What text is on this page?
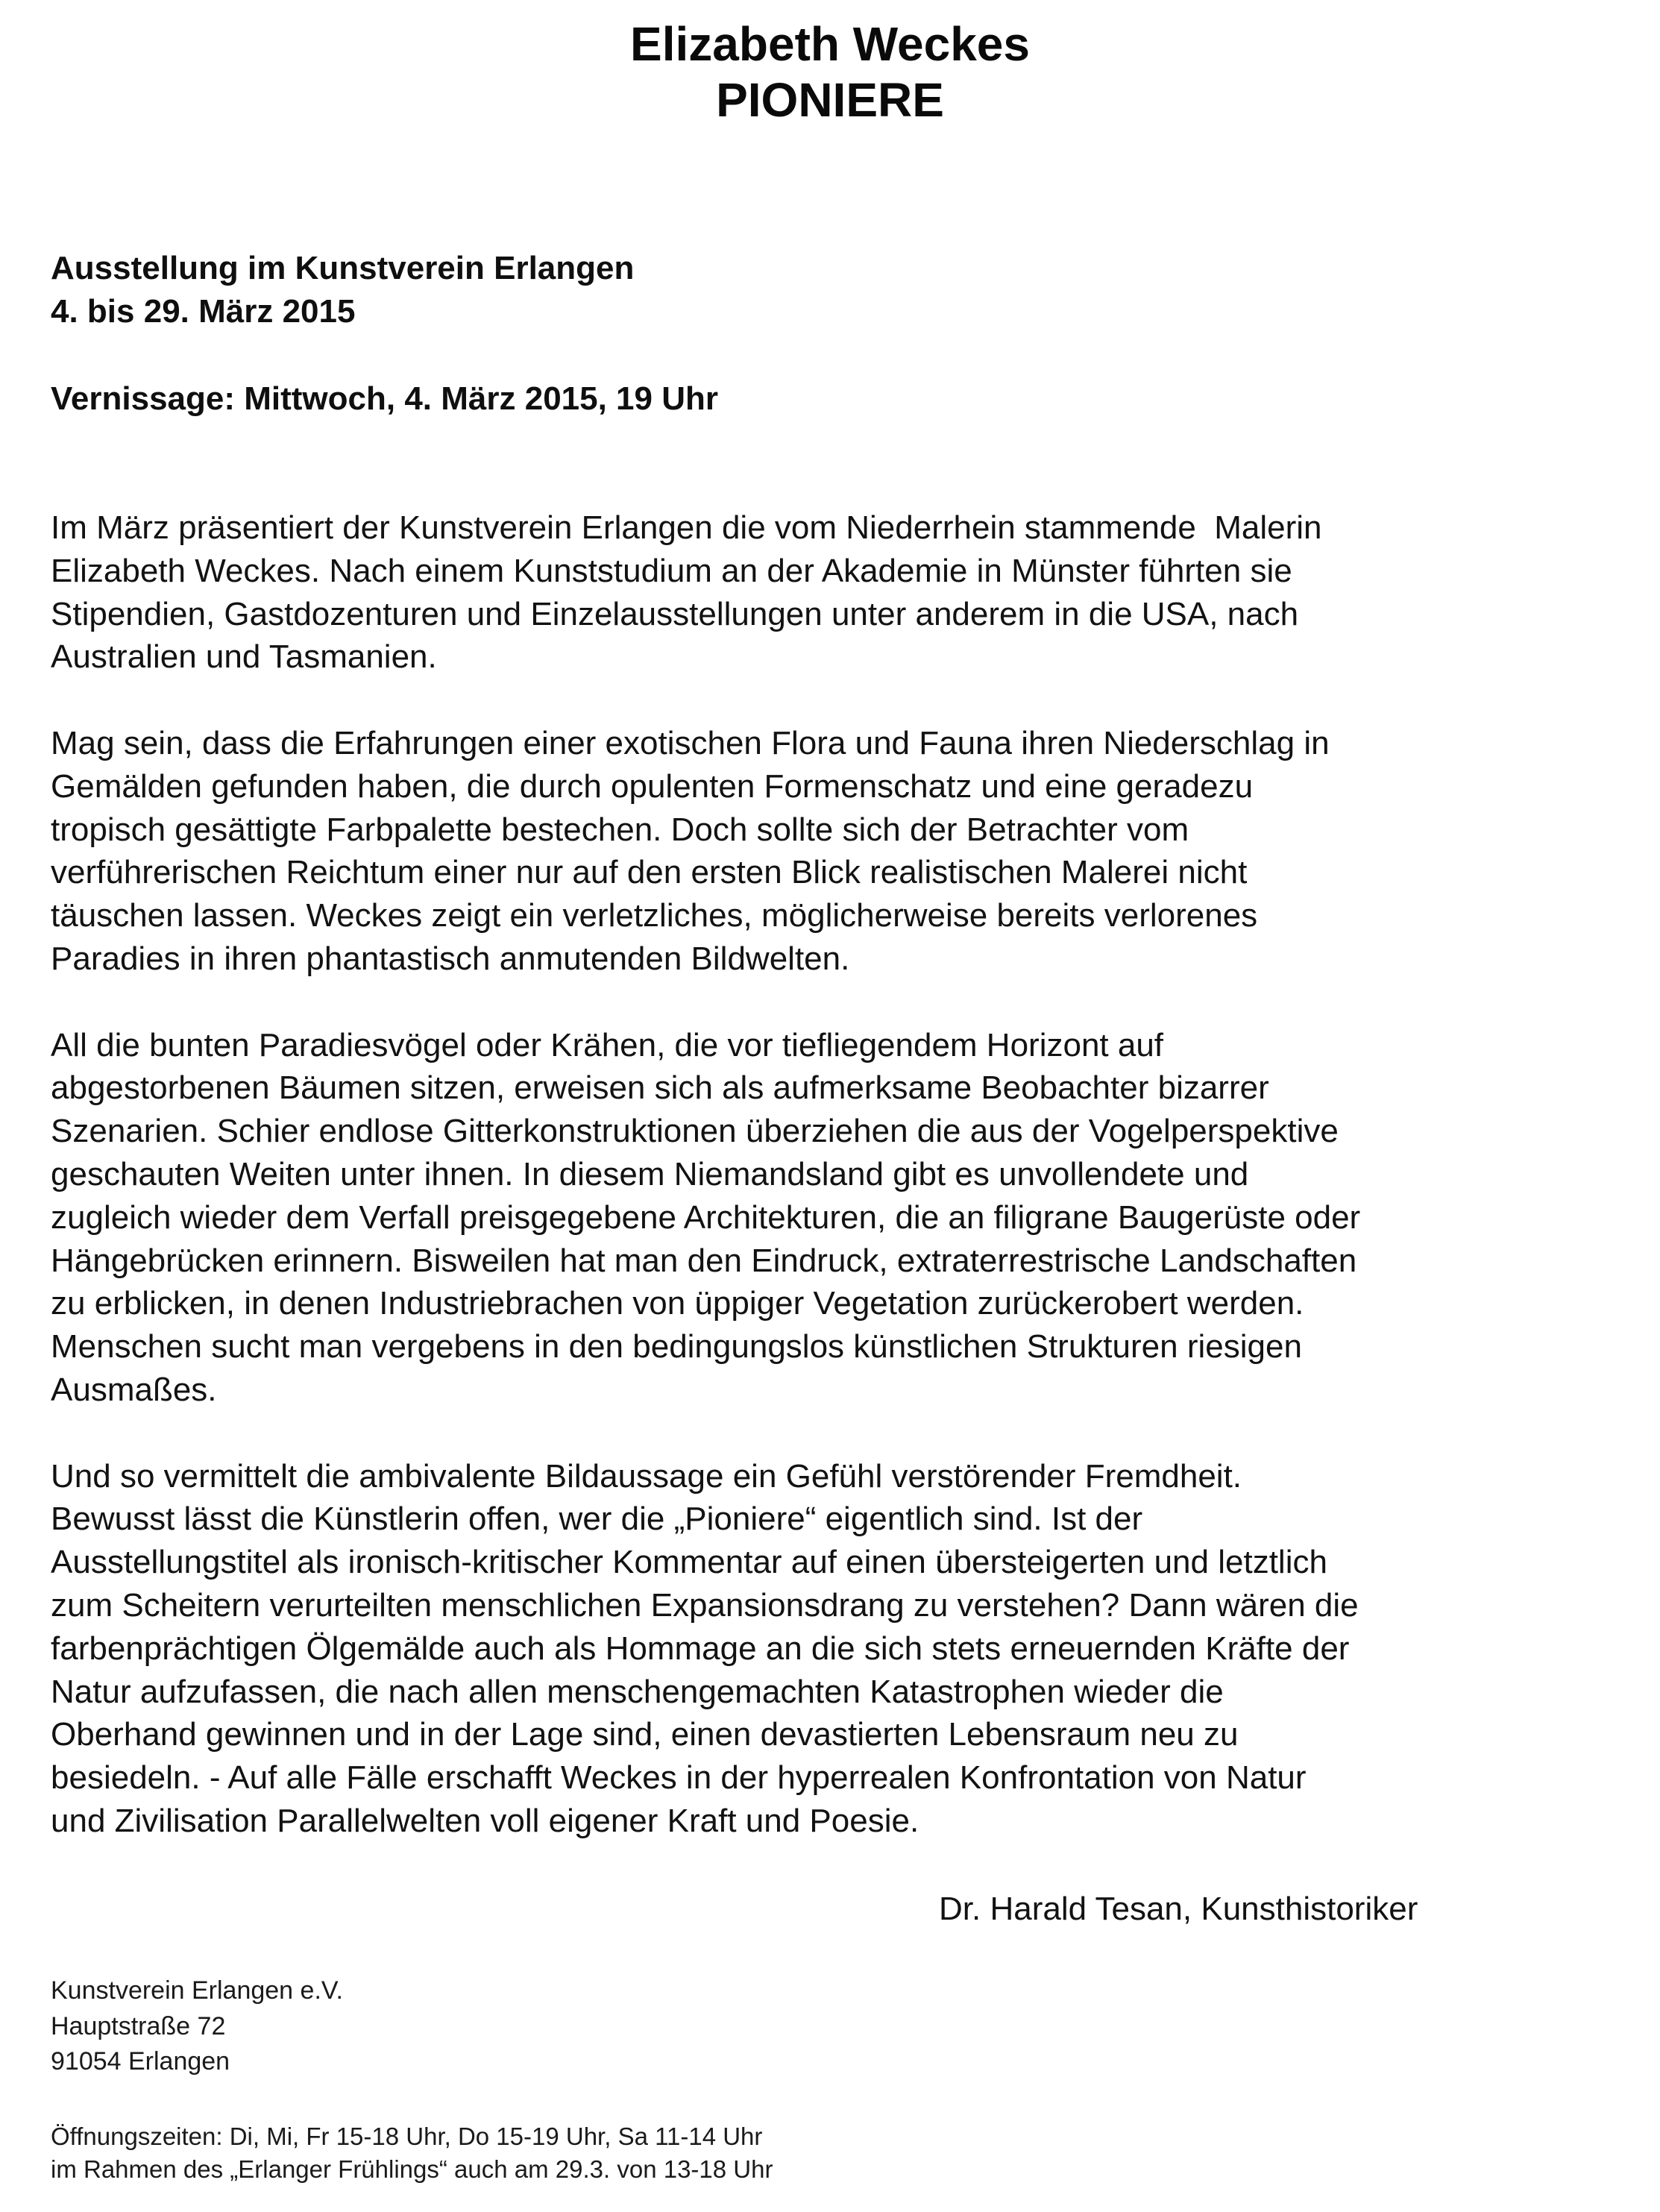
Elizabeth Weckes
PIONIERE
Ausstellung im Kunstverein Erlangen
4. bis 29. März 2015
Vernissage: Mittwoch, 4. März 2015, 19 Uhr
Im März präsentiert der Kunstverein Erlangen die vom Niederrhein stammende  Malerin
Elizabeth Weckes. Nach einem Kunststudium an der Akademie in Münster führten sie
Stipendien, Gastdozenturen und Einzelausstellungen unter anderem in die USA, nach
Australien und Tasmanien.
Mag sein, dass die Erfahrungen einer exotischen Flora und Fauna ihren Niederschlag in
Gemälden gefunden haben, die durch opulenten Formenschatz und eine geradezu
tropisch gesättigte Farbpalette bestechen. Doch sollte sich der Betrachter vom
verführerischen Reichtum einer nur auf den ersten Blick realistischen Malerei nicht
täuschen lassen. Weckes zeigt ein verletzliches, möglicherweise bereits verlorenes
Paradies in ihren phantastisch anmutenden Bildwelten.
All die bunten Paradiesvögel oder Krähen, die vor tiefliegendem Horizont auf
abgestorbenen Bäumen sitzen, erweisen sich als aufmerksame Beobachter bizarrer
Szenarien. Schier endlose Gitterkonstruktionen überziehen die aus der Vogelperspektive
geschauten Weiten unter ihnen. In diesem Niemandsland gibt es unvollendete und
zugleich wieder dem Verfall preisgegebene Architekturen, die an filigrane Baugerüste oder
Hängebrücken erinnern. Bisweilen hat man den Eindruck, extraterrestrische Landschaften
zu erblicken, in denen Industriebrachen von üppiger Vegetation zurückerobert werden.
Menschen sucht man vergebens in den bedingungslos künstlichen Strukturen riesigen
Ausmaßes.
Und so vermittelt die ambivalente Bildaussage ein Gefühl verstörender Fremdheit.
Bewusst lässt die Künstlerin offen, wer die „Pioniere“ eigentlich sind. Ist der
Ausstellungstitel als ironisch-kritischer Kommentar auf einen übersteigerten und letztlich
zum Scheitern verurteilten menschlichen Expansionsdrang zu verstehen? Dann wären die
farbenprächtigen Ölgemälde auch als Hommage an die sich stets erneuernden Kräfte der
Natur aufzufassen, die nach allen menschengemachten Katastrophen wieder die
Oberhand gewinnen und in der Lage sind, einen devastierten Lebensraum neu zu
besiedeln. - Auf alle Fälle erschafft Weckes in der hyperrealen Konfrontation von Natur
und Zivilisation Parallelwelten voll eigener Kraft und Poesie.
Dr. Harald Tesan, Kunsthistoriker
Kunstverein Erlangen e.V.
Hauptstraße 72
91054 Erlangen
Öffnungszeiten: Di, Mi, Fr 15-18 Uhr, Do 15-19 Uhr, Sa 11-14 Uhr
im Rahmen des „Erlanger Frühlings“ auch am 29.3. von 13-18 Uhr
